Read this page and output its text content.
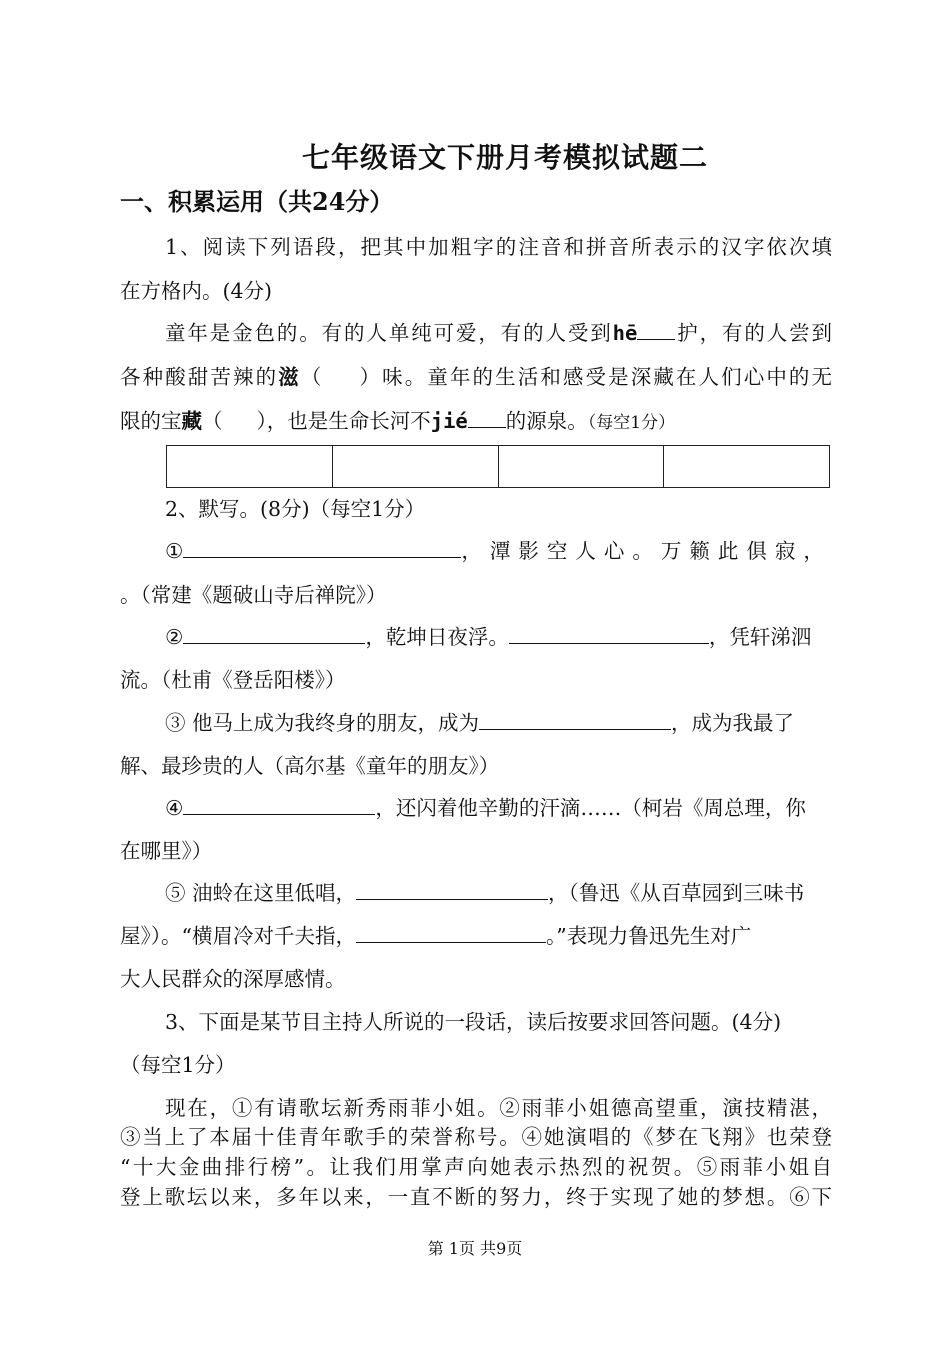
七年级语文下册月考模拟试题二
一、积累运用（共24分）
1、阅读下列语段，把其中加粗字的注音和拼音所表示的汉字依次填
在方格内。(4分)
童年是金色的。有的人单纯可爱，有的人受到hē 护，有的人尝到
各种酸甜苦辣的滋（ ）味。童年的生活和感受是深藏在人们心中的无
限的宝藏（ ），也是生命长河不jié 的源泉。（每空1分）

2、默写。(8分)（每空1分）
①	，潭影空人心。万籁此俱寂，
。（常建《题破山寺后禅院》）
②	，乾坤日夜浮。	，凭轩涕泗
流。（杜甫《登岳阳楼》）
③ 他马上成为我终身的朋友，成为	，成为我最了
解、最珍贵的人（高尔基《童年的朋友》）
④	，还闪着他辛勤的汗滴……（柯岩《周总理，你
在哪里》）
⑤ 油蛉在这里低唱，	，（鲁迅《从百草园到三味书
屋》）。“横眉冷对千夫指，	。”表现力鲁迅先生对广
大人民群众的深厚感情。
3、下面是某节目主持人所说的一段话，读后按要求回答问题。(4分)
（每空1分）
现在，①有请歌坛新秀雨菲小姐。②雨菲小姐德高望重，演技精湛，
③当上了本届十佳青年歌手的荣誉称号。④她演唱的《梦在飞翔》也荣登
“十大金曲排行榜”。让我们用掌声向她表示热烈的祝贺。⑤雨菲小姐自
登上歌坛以来，多年以来，一直不断的努力，终于实现了她的梦想。⑥下
第 1页 共9页
